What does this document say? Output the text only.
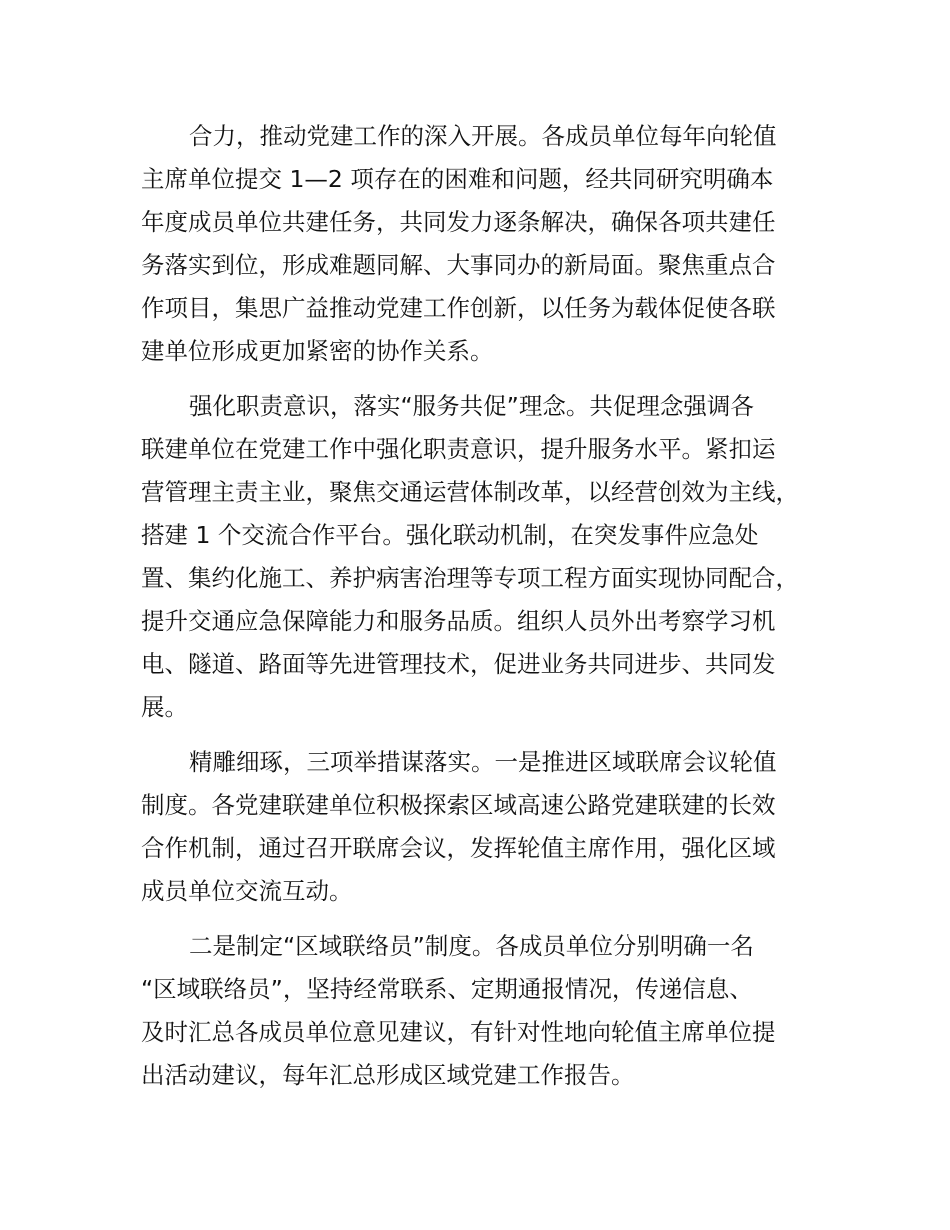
合力，推动党建工作的深入开展。各成员单位每年向轮值
主席单位提交 1—2 项存在的困难和问题，经共同研究明确本
年度成员单位共建任务，共同发力逐条解决，确保各项共建任
务落实到位，形成难题同解、大事同办的新局面。聚焦重点合
作项目，集思广益推动党建工作创新，以任务为载体促使各联
建单位形成更加紧密的协作关系。
强化职责意识，落实“服务共促”理念。共促理念强调各
联建单位在党建工作中强化职责意识，提升服务水平。紧扣运
营管理主责主业，聚焦交通运营体制改革，以经营创效为主线，
搭建 1 个交流合作平台。强化联动机制，在突发事件应急处
置、集约化施工、养护病害治理等专项工程方面实现协同配合，
提升交通应急保障能力和服务品质。组织人员外出考察学习机
电、隧道、路面等先进管理技术，促进业务共同进步、共同发
展。
精雕细琢，三项举措谋落实。一是推进区域联席会议轮值
制度。各党建联建单位积极探索区域高速公路党建联建的长效
合作机制，通过召开联席会议，发挥轮值主席作用，强化区域
成员单位交流互动。
二是制定“区域联络员”制度。各成员单位分别明确一名
“区域联络员”，坚持经常联系、定期通报情况，传递信息、
及时汇总各成员单位意见建议，有针对性地向轮值主席单位提
出活动建议，每年汇总形成区域党建工作报告。
